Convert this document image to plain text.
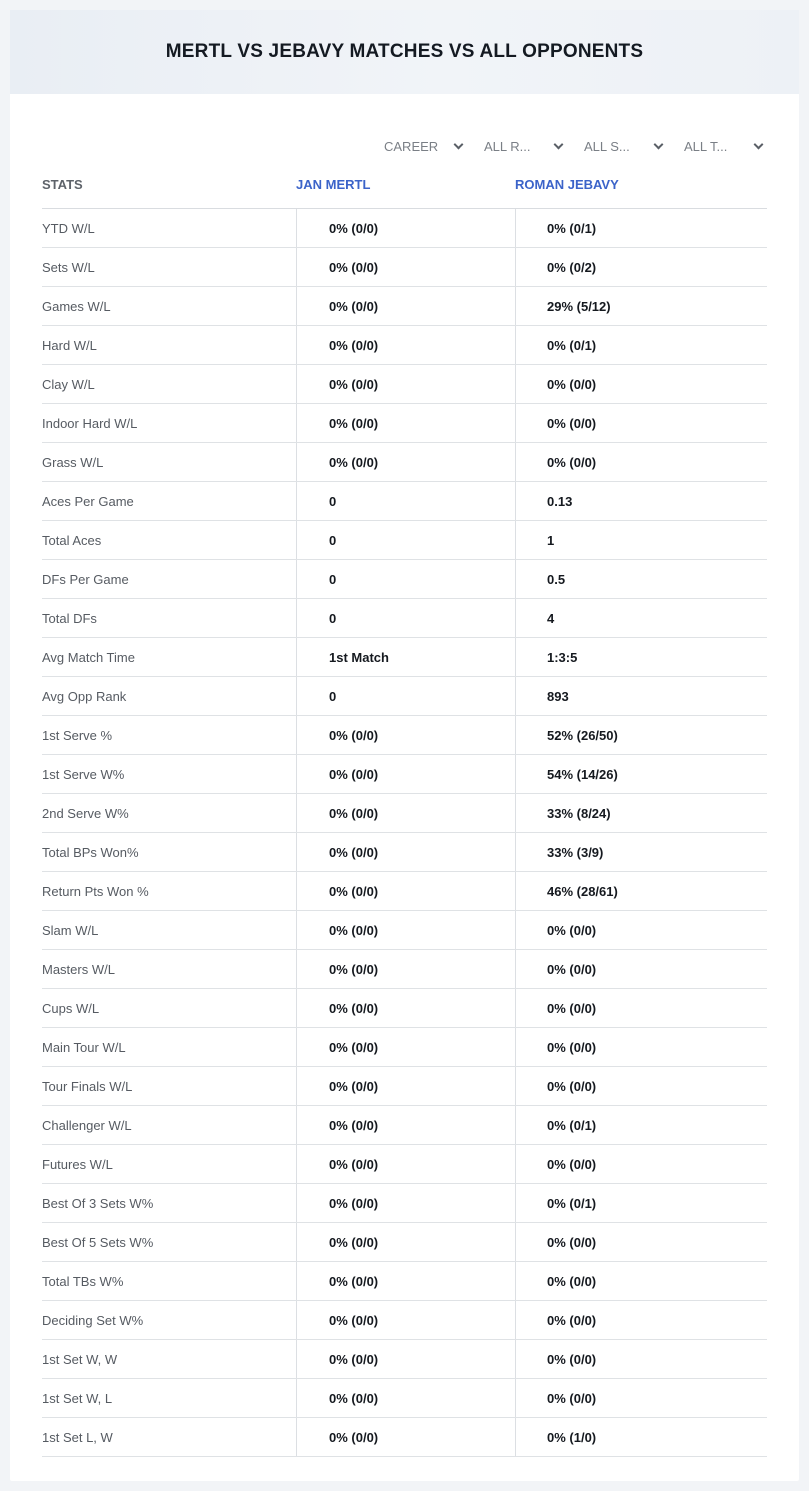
MERTL VS JEBAVY MATCHES VS ALL OPPONENTS
CAREER	ALL R...	ALL S...	ALL T...
STATS	JAN MERTL	ROMAN JEBAVY
YTD W/L	0% (0/0)	0% (0/1)
Sets W/L	0% (0/0)	0% (0/2)
Games W/L	0% (0/0)	29% (5/12)
Hard W/L	0% (0/0)	0% (0/1)
Clay W/L	0% (0/0)	0% (0/0)
Indoor Hard W/L	0% (0/0)	0% (0/0)
Grass W/L	0% (0/0)	0% (0/0)
Aces Per Game	0	0.13
Total Aces	0	1
DFs Per Game	0	0.5
Total DFs	0	4
Avg Match Time	1st Match	1:3:5
Avg Opp Rank	0	893
1st Serve %	0% (0/0)	52% (26/50)
1st Serve W%	0% (0/0)	54% (14/26)
2nd Serve W%	0% (0/0)	33% (8/24)
Total BPs Won%	0% (0/0)	33% (3/9)
Return Pts Won %	0% (0/0)	46% (28/61)
Slam W/L	0% (0/0)	0% (0/0)
Masters W/L	0% (0/0)	0% (0/0)
Cups W/L	0% (0/0)	0% (0/0)
Main Tour W/L	0% (0/0)	0% (0/0)
Tour Finals W/L	0% (0/0)	0% (0/0)
Challenger W/L	0% (0/0)	0% (0/1)
Futures W/L	0% (0/0)	0% (0/0)
Best Of 3 Sets W%	0% (0/0)	0% (0/1)
Best Of 5 Sets W%	0% (0/0)	0% (0/0)
Total TBs W%	0% (0/0)	0% (0/0)
Deciding Set W%	0% (0/0)	0% (0/0)
1st Set W, W	0% (0/0)	0% (0/0)
1st Set W, L	0% (0/0)	0% (0/0)
1st Set L, W	0% (0/0)	0% (1/0)
